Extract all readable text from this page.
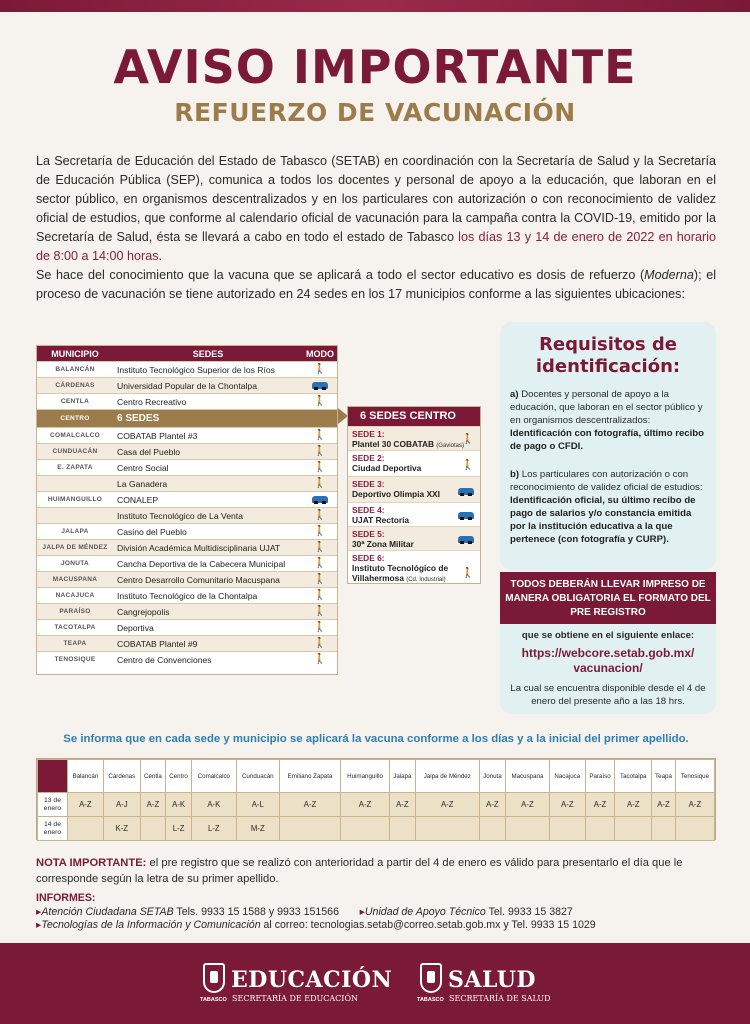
AVISO IMPORTANTE
REFUERZO DE VACUNACIÓN

La Secretaría de Educación del Estado de Tabasco (SETAB) en coordinación con la Secretaría de Salud y la Secretaría de Educación Pública (SEP), comunica a todos los docentes y personal de apoyo a la educación, que laboran en el sector público, en organismos descentralizados y en los particulares con autorización o con reconocimiento de validez oficial de estudios, que conforme al calendario oficial de vacunación para la campaña contra la COVID-19, emitido por la Secretaría de Salud, ésta se llevará a cabo en todo el estado de Tabasco los días 13 y 14 de enero de 2022 en horario de 8:00 a 14:00 horas.

Se hace del conocimiento que la vacuna que se aplicará a todo el sector educativo es dosis de refuerzo (Moderna); el proceso de vacunación se tiene autorizado en 24 sedes en los 17 municipios conforme a las siguientes ubicaciones:

MUNICIPIO	SEDES	MODO
BALANCÁN	Instituto Tecnológico Superior de los Ríos	🚶
CÁRDENAS	Universidad Popular de la Chontalpa
CENTLA	Centro Recreativo	🚶
CENTRO	6 SEDES
COMALCALCO	COBATAB Plantel #3	🚶
CUNDUACÁN	Casa del Pueblo	🚶
E. ZAPATA	Centro Social	🚶
La Ganadera	🚶
HUIMANGUILLO	CONALEP
Instituto Tecnológico de La Venta	🚶
JALAPA	Casino del Pueblo	🚶
JALPA DE MÉNDEZ	División Académica Multidisciplinaria UJAT	🚶
JONUTA	Cancha Deportiva de la Cabecera Municipal	🚶
MACUSPANA	Centro Desarrollo Comunitario Macuspana	🚶
NACAJUCA	Instituto Tecnológico de la Chontalpa	🚶
PARAÍSO	Cangrejopolis	🚶
TACOTALPA	Deportiva	🚶
TEAPA	COBATAB Plantel #9	🚶
TENOSIQUE	Centro de Convenciones	🚶
6 SEDES CENTRO
SEDE 1:
Plantel 30 COBATAB (Gaviotas)
🚶
SEDE 2:
Ciudad Deportiva	🚶
SEDE 3:
Deportivo Olimpia XXI
SEDE 4:
UJAT Rectoría
SEDE 5:
30ª Zona Militar
SEDE 6:
Instituto Tecnológico de Villahermosa (Cd. Industrial)
🚶
Requisitos de identificación:
a) Docentes y personal de apoyo a la educación, que laboran en el sector público y en organismos descentralizados: Identificación con fotografía, último recibo de pago o CFDI.
b) Los particulares con autorización o con reconocimiento de validez oficial de estudios: Identificación oficial, su último recibo de pago de salarios y/o constancia emitida por la institución educativa a la que pertenece (con fotografía y CURP).
TODOS DEBERÁN LLEVAR IMPRESO DE MANERA OBLIGATORIA EL FORMATO DEL PRE REGISTRO
que se obtiene en el siguiente enlace:
https://webcore.setab.gob.mx/ vacunacion/
La cual se encuentra disponible desde el 4 de enero del presente año a las 18 hrs.
Se informa que en cada sede y municipio se aplicará la vacuna conforme a los días y a la inicial del primer apellido.
	Balancán	Cárdenas	Centla	Centro	Comalcalco	Cunduacán	Emiliano Zapata	Huimanguillo	Jalapa	Jalpa de Méndez	Jonuta	Macuspana	Nacajuca	Paraíso	Tacotalpa	Teapa	Tenosique
13 de enero	A-Z	A-J	A-Z	A-K	A-K	A-L	A-Z	A-Z	A-Z	A-Z	A-Z	A-Z	A-Z	A-Z	A-Z	A-Z	A-Z
14 de enero		K-Z		L-Z	L-Z	M-Z											

NOTA IMPORTANTE: el pre registro que se realizó con anterioridad a partir del 4 de enero es válido para presentarlo el día que le corresponde según la letra de su primer apellido.

INFORMES:
▸Atención Ciudadana SETAB Tels. 9933 15 1588 y 9933 151566 ▸Unidad de Apoyo Técnico Tel. 9933 15 3827
▸Tecnologías de la Información y Comunicación al correo: tecnologias.setab@correo.setab.gob.mx y Tel. 9933 15 1029
TABASCO
EDUCACIÓN
SECRETARÍA DE EDUCACIÓN	TABASCO
SALUD
SECRETARÍA DE SALUD
